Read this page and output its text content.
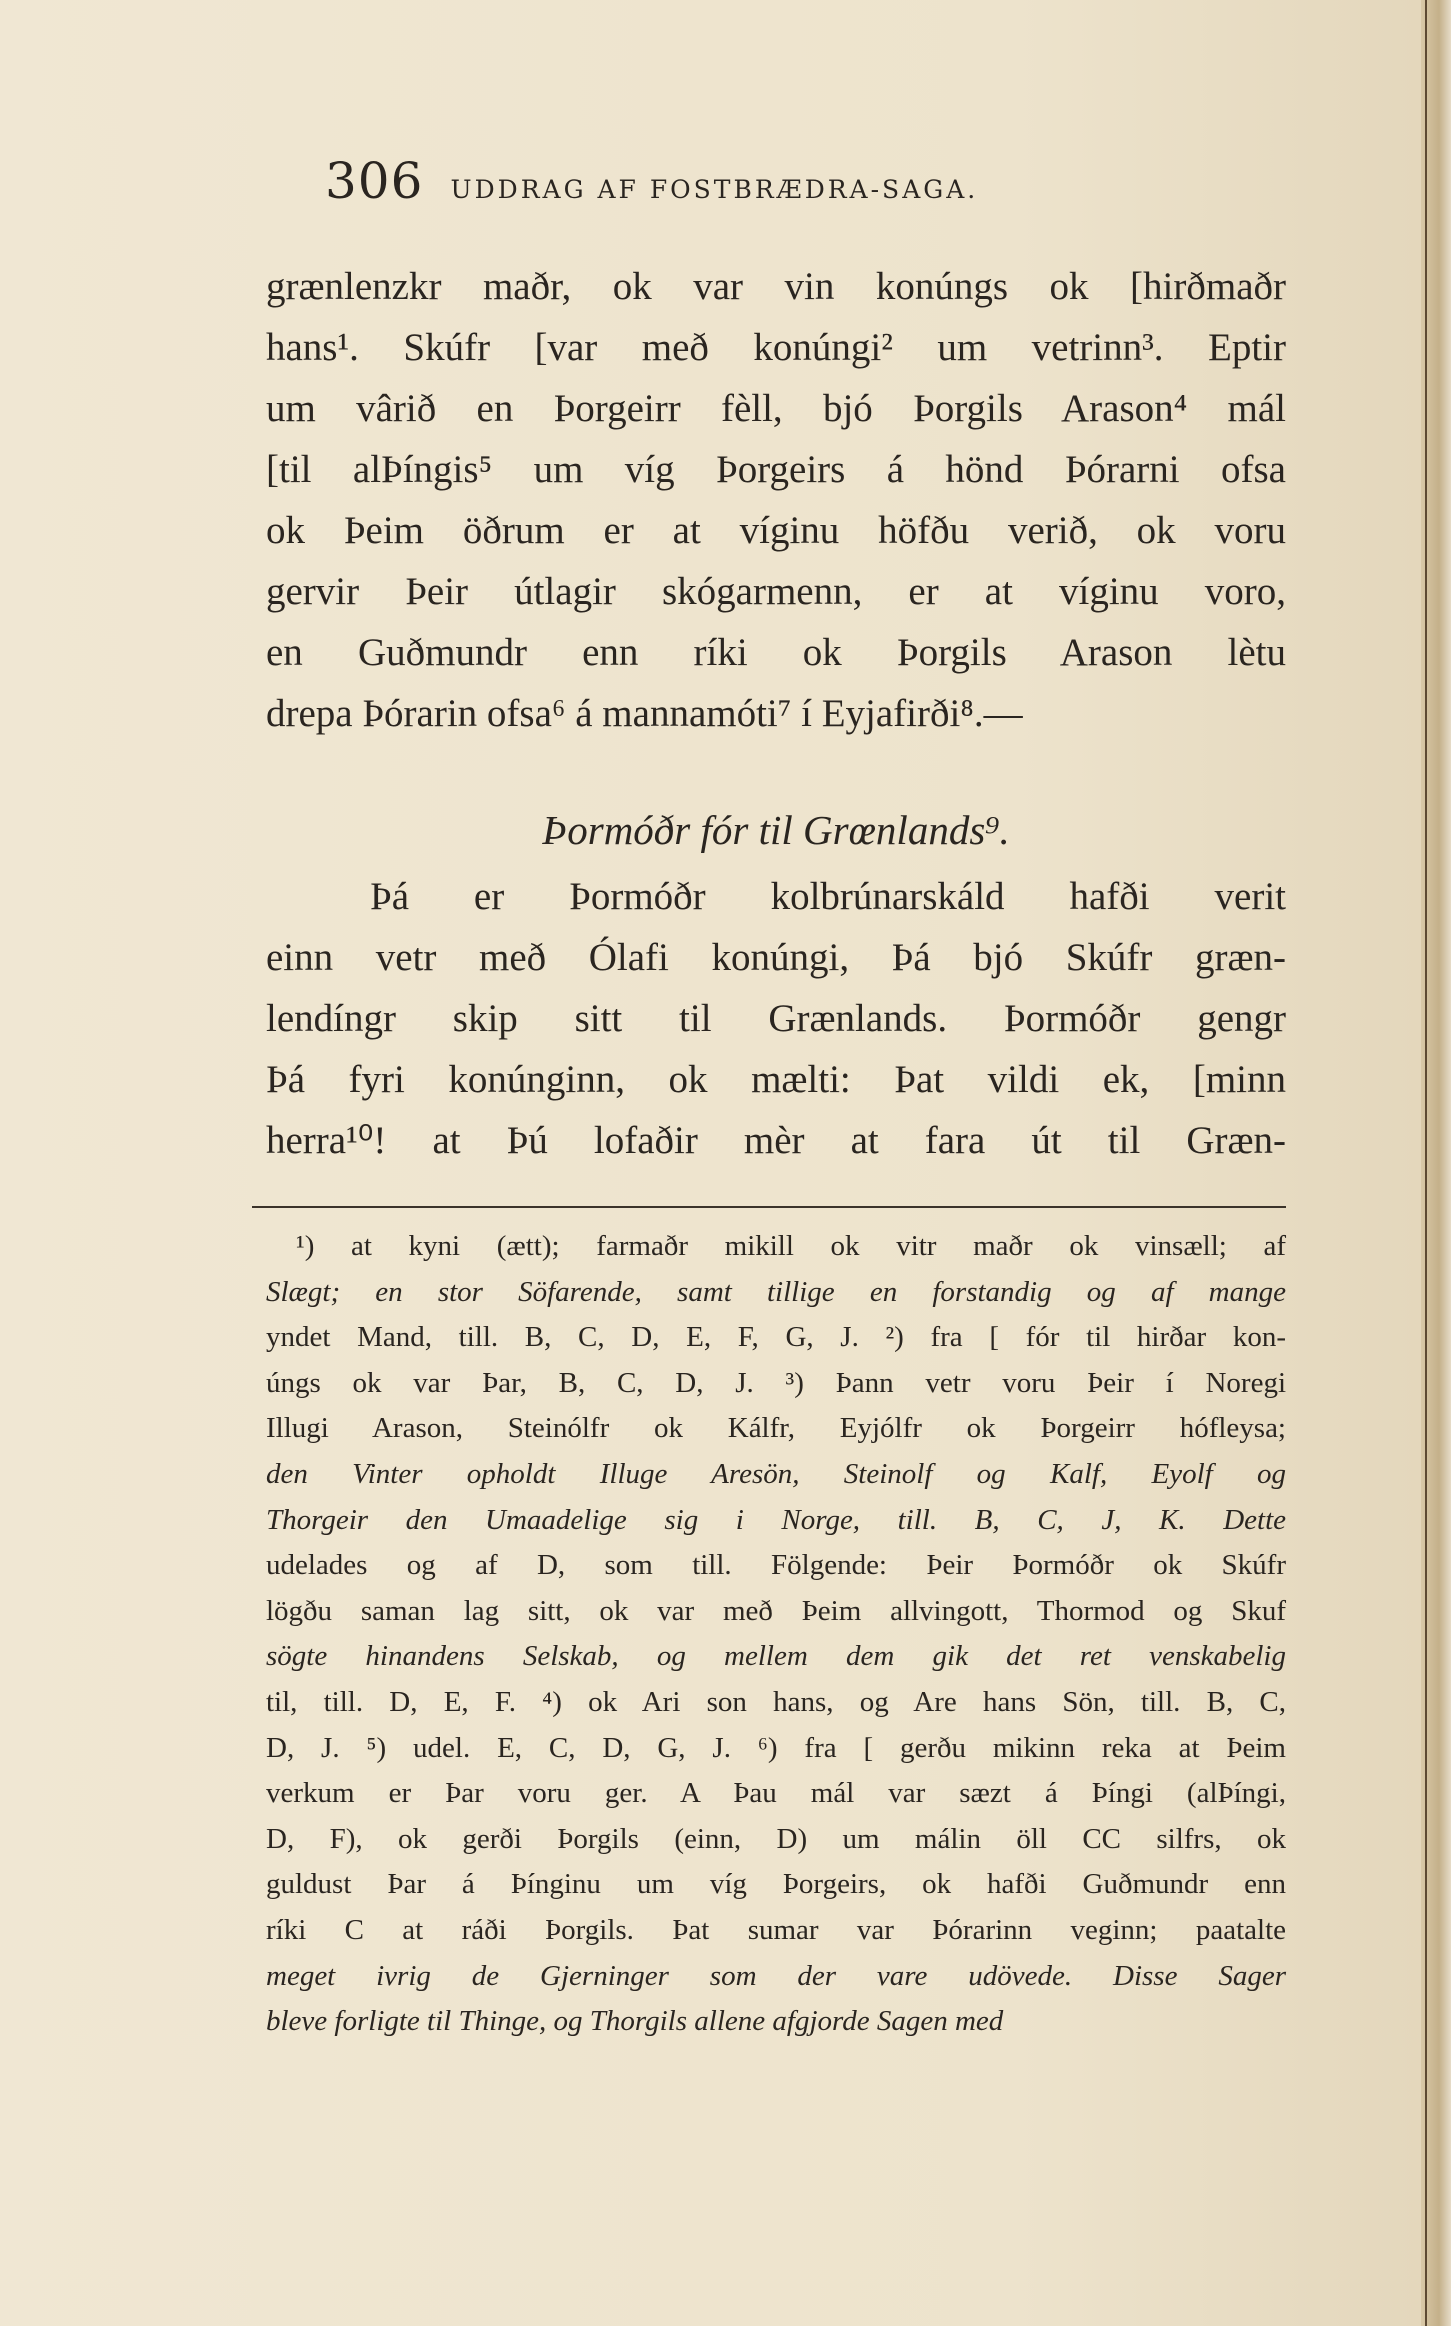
306 UDDRAG AF FOSTBRÆDRA-SAGA.
grænlenzkr maðr, ok var vin konúngs ok [hirðmaðr
hans¹. Skúfr [var með konúngi² um vetrinn³. Eptir
um vârið en Þorgeirr fèll, bjó Þorgils Arason⁴ mál
[til alÞíngis⁵ um víg Þorgeirs á hönd Þórarni ofsa
ok Þeim öðrum er at víginu höfðu verið, ok voru
gervir Þeir útlagir skógarmenn, er at víginu voro,
en Guðmundr enn ríki ok Þorgils Arason lètu
drepa Þórarin ofsa⁶ á mannamóti⁷ í Eyjafirði⁸.—
Þormóðr fór til Grœnlands⁹.
Þá er Þormóðr kolbrúnarskáld hafði verit
einn vetr með Ólafi konúngi, Þá bjó Skúfr græn-
lendíngr skip sitt til Grænlands. Þormóðr gengr
Þá fyri konúnginn, ok mælti: Þat vildi ek, [minn
herra¹⁰! at Þú lofaðir mèr at fara út til Græn-
¹) at kyni (ætt); farmaðr mikill ok vitr maðr ok vinsæll; af
Slægt; en stor Söfarende, samt tillige en forstandig og af mange
yndet Mand, till. B, C, D, E, F, G, J. ²) fra [ fór til hirðar kon-
úngs ok var Þar, B, C, D, J. ³) Þann vetr voru Þeir í Noregi
Illugi Arason, Steinólfr ok Kálfr, Eyjólfr ok Þorgeirr hófleysa;
den Vinter opholdt Illuge Aresön, Steinolf og Kalf, Eyolf og
Thorgeir den Umaadelige sig i Norge, till. B, C, J, K. Dette
udelades og af D, som till. Fölgende: Þeir Þormóðr ok Skúfr
lögðu saman lag sitt, ok var með Þeim allvingott, Thormod og Skuf
sögte hinandens Selskab, og mellem dem gik det ret venskabelig
til, till. D, E, F. ⁴) ok Ari son hans, og Are hans Sön, till. B, C,
D, J. ⁵) udel. E, C, D, G, J. ⁶) fra [ gerðu mikinn reka at Þeim
verkum er Þar voru ger. A Þau mál var sæzt á Þíngi (alÞíngi,
D, F), ok gerði Þorgils (einn, D) um málin öll CC silfrs, ok
guldust Þar á Þínginu um víg Þorgeirs, ok hafði Guðmundr enn
ríki C at ráði Þorgils. Þat sumar var Þórarinn veginn; paatalte
meget ivrig de Gjerninger som der vare udövede. Disse Sager
bleve forligte til Thinge, og Thorgils allene afgjorde Sagen med
